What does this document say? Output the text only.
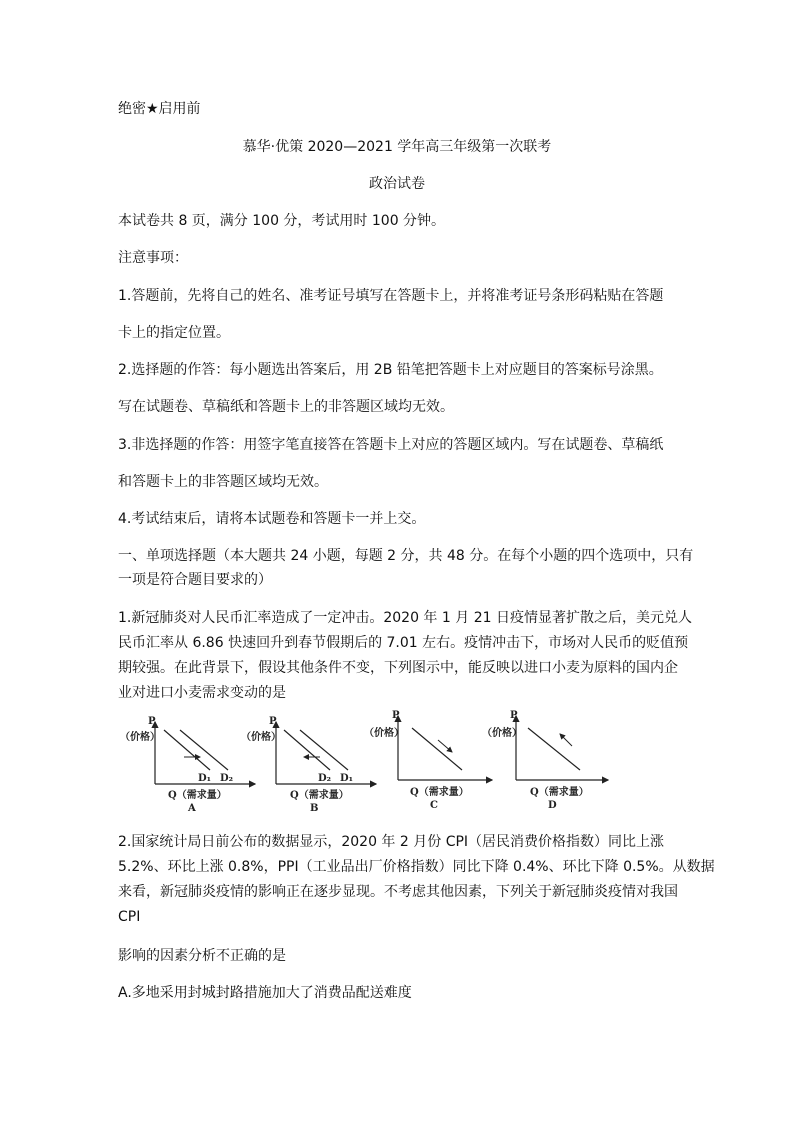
绝密★启用前
慕华·优策 2020—2021 学年高三年级第一次联考
政治试卷
本试卷共 8 页，满分 100 分，考试用时 100 分钟。
注意事项：
1.答题前，先将自己的姓名、准考证号填写在答题卡上，并将准考证号条形码粘贴在答题
卡上的指定位置。
2.选择题的作答：每小题选出答案后，用 2B 铅笔把答题卡上对应题目的答案标号涂黑。
写在试题卷、草稿纸和答题卡上的非答题区域均无效。
3.非选择题的作答：用签字笔直接答在答题卡上对应的答题区域内。写在试题卷、草稿纸
和答题卡上的非答题区域均无效。
4.考试结束后，请将本试题卷和答题卡一并上交。
一、单项选择题（本大题共 24 小题，每题 2 分，共 48 分。在每个小题的四个选项中，只有
一项是符合题目要求的）
1.新冠肺炎对人民币汇率造成了一定冲击。2020 年 1 月 21 日疫情显著扩散之后，美元兑人
民币汇率从 6.86 快速回升到春节假期后的 7.01 左右。疫情冲击下，市场对人民币的贬值预
期较强。在此背景下，假设其他条件不变，下列图示中，能反映以进口小麦为原料的国内企
业对进口小麦需求变动的是
P
（价格）
D₁ D₂
Q（需求量）
A
P
（价格）
D₂ D₁
Q（需求量）
B
P
（价格）
Q（需求量）
C
P
（价格）
Q（需求量）
D
2.国家统计局日前公布的数据显示，2020 年 2 月份 CPI（居民消费价格指数）同比上涨
5.2%、环比上涨 0.8%，PPI（工业品出厂价格指数）同比下降 0.4%、环比下降 0.5%。从数据
来看，新冠肺炎疫情的影响正在逐步显现。不考虑其他因素，下列关于新冠肺炎疫情对我国
CPI
影响的因素分析不正确的是
A.多地采用封城封路措施加大了消费品配送难度
